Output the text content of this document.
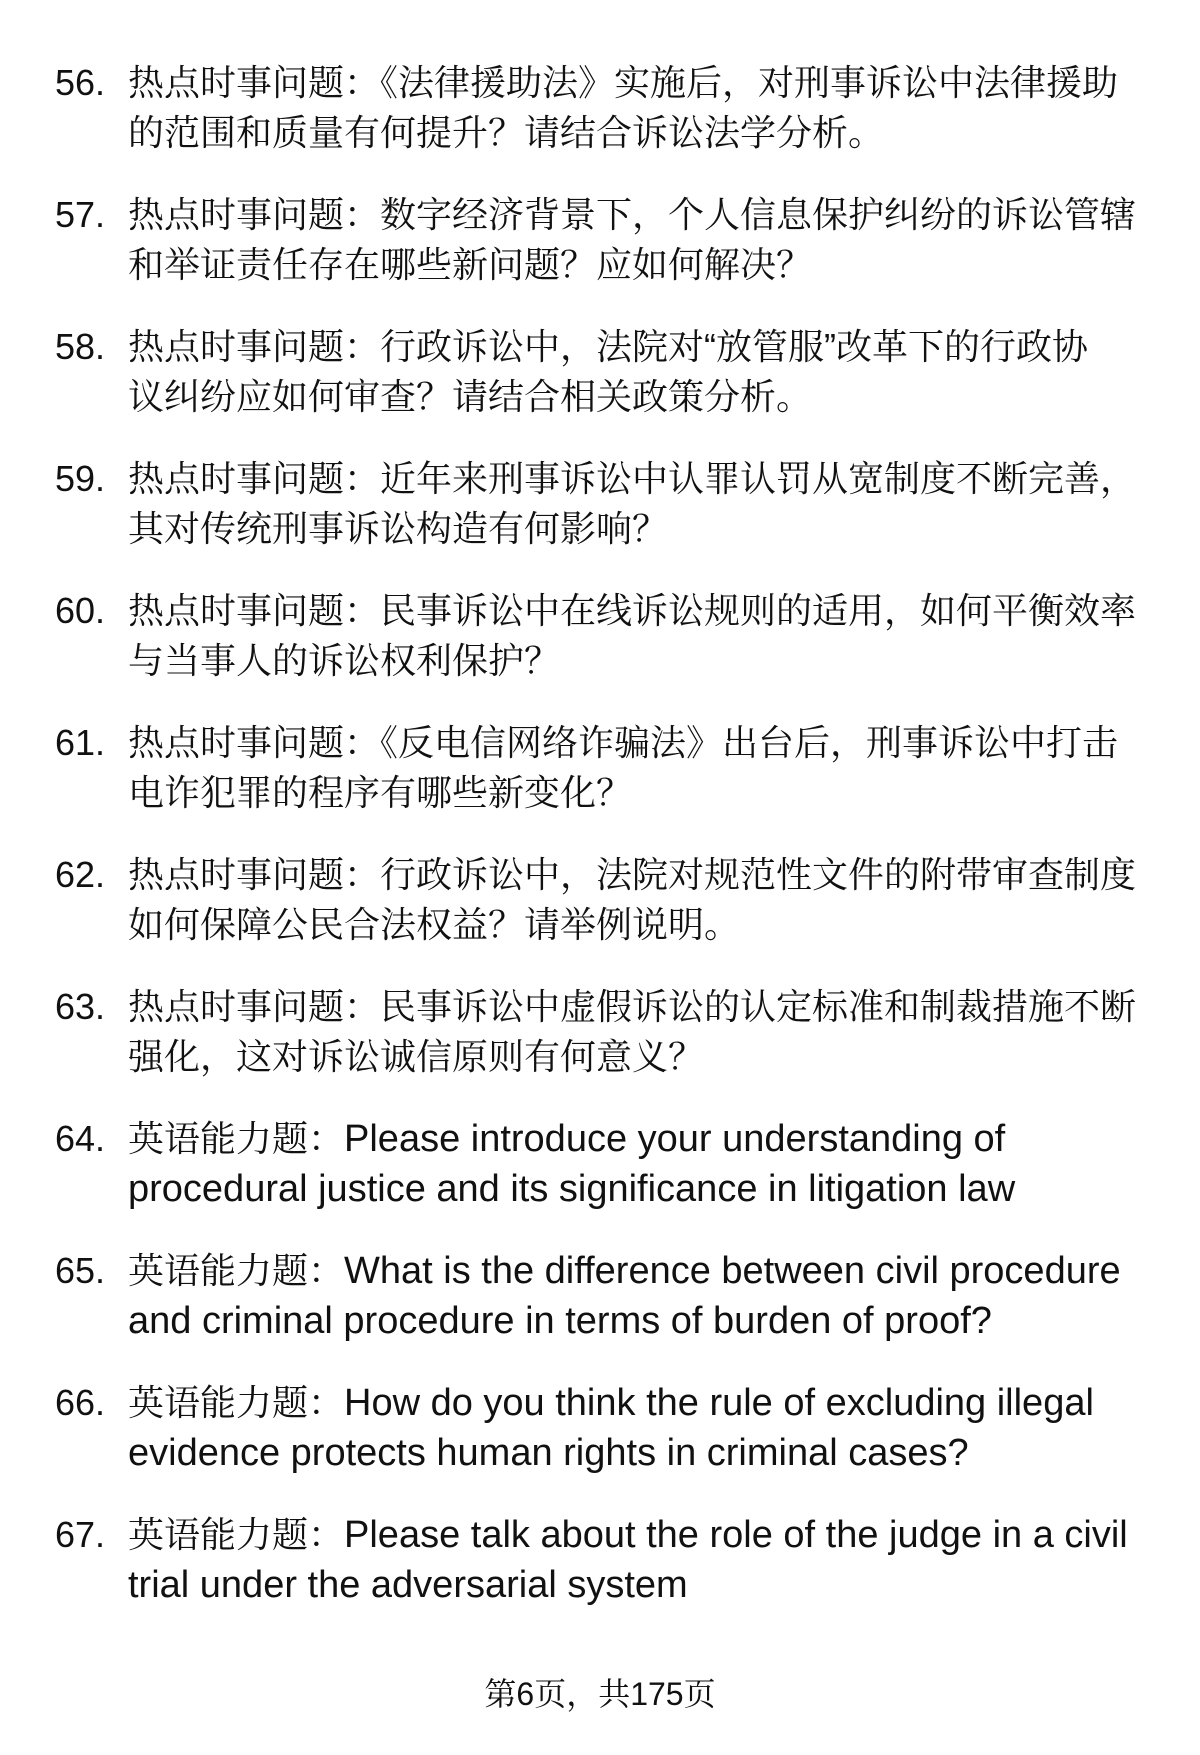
56. 热点时事问题：《法律援助法》实施后，对刑事诉讼中法律援助
的范围和质量有何提升？请结合诉讼法学分析。
57. 热点时事问题：数字经济背景下，个人信息保护纠纷的诉讼管辖
和举证责任存在哪些新问题？应如何解决？
58. 热点时事问题：行政诉讼中，法院对“放管服”改革下的行政协
议纠纷应如何审查？请结合相关政策分析。
59. 热点时事问题：近年来刑事诉讼中认罪认罚从宽制度不断完善，
其对传统刑事诉讼构造有何影响？
60. 热点时事问题：民事诉讼中在线诉讼规则的适用，如何平衡效率
与当事人的诉讼权利保护？
61. 热点时事问题：《反电信网络诈骗法》出台后，刑事诉讼中打击
电诈犯罪的程序有哪些新变化？
62. 热点时事问题：行政诉讼中，法院对规范性文件的附带审查制度
如何保障公民合法权益？请举例说明。
63. 热点时事问题：民事诉讼中虚假诉讼的认定标准和制裁措施不断
强化，这对诉讼诚信原则有何意义？
64. 英语能力题：Please introduce your understanding of
procedural justice and its significance in litigation law
65. 英语能力题：What is the difference between civil procedure
and criminal procedure in terms of burden of proof?
66. 英语能力题：How do you think the rule of excluding illegal
evidence protects human rights in criminal cases?
67. 英语能力题：Please talk about the role of the judge in a civil
trial under the adversarial system
第6页，共175页
